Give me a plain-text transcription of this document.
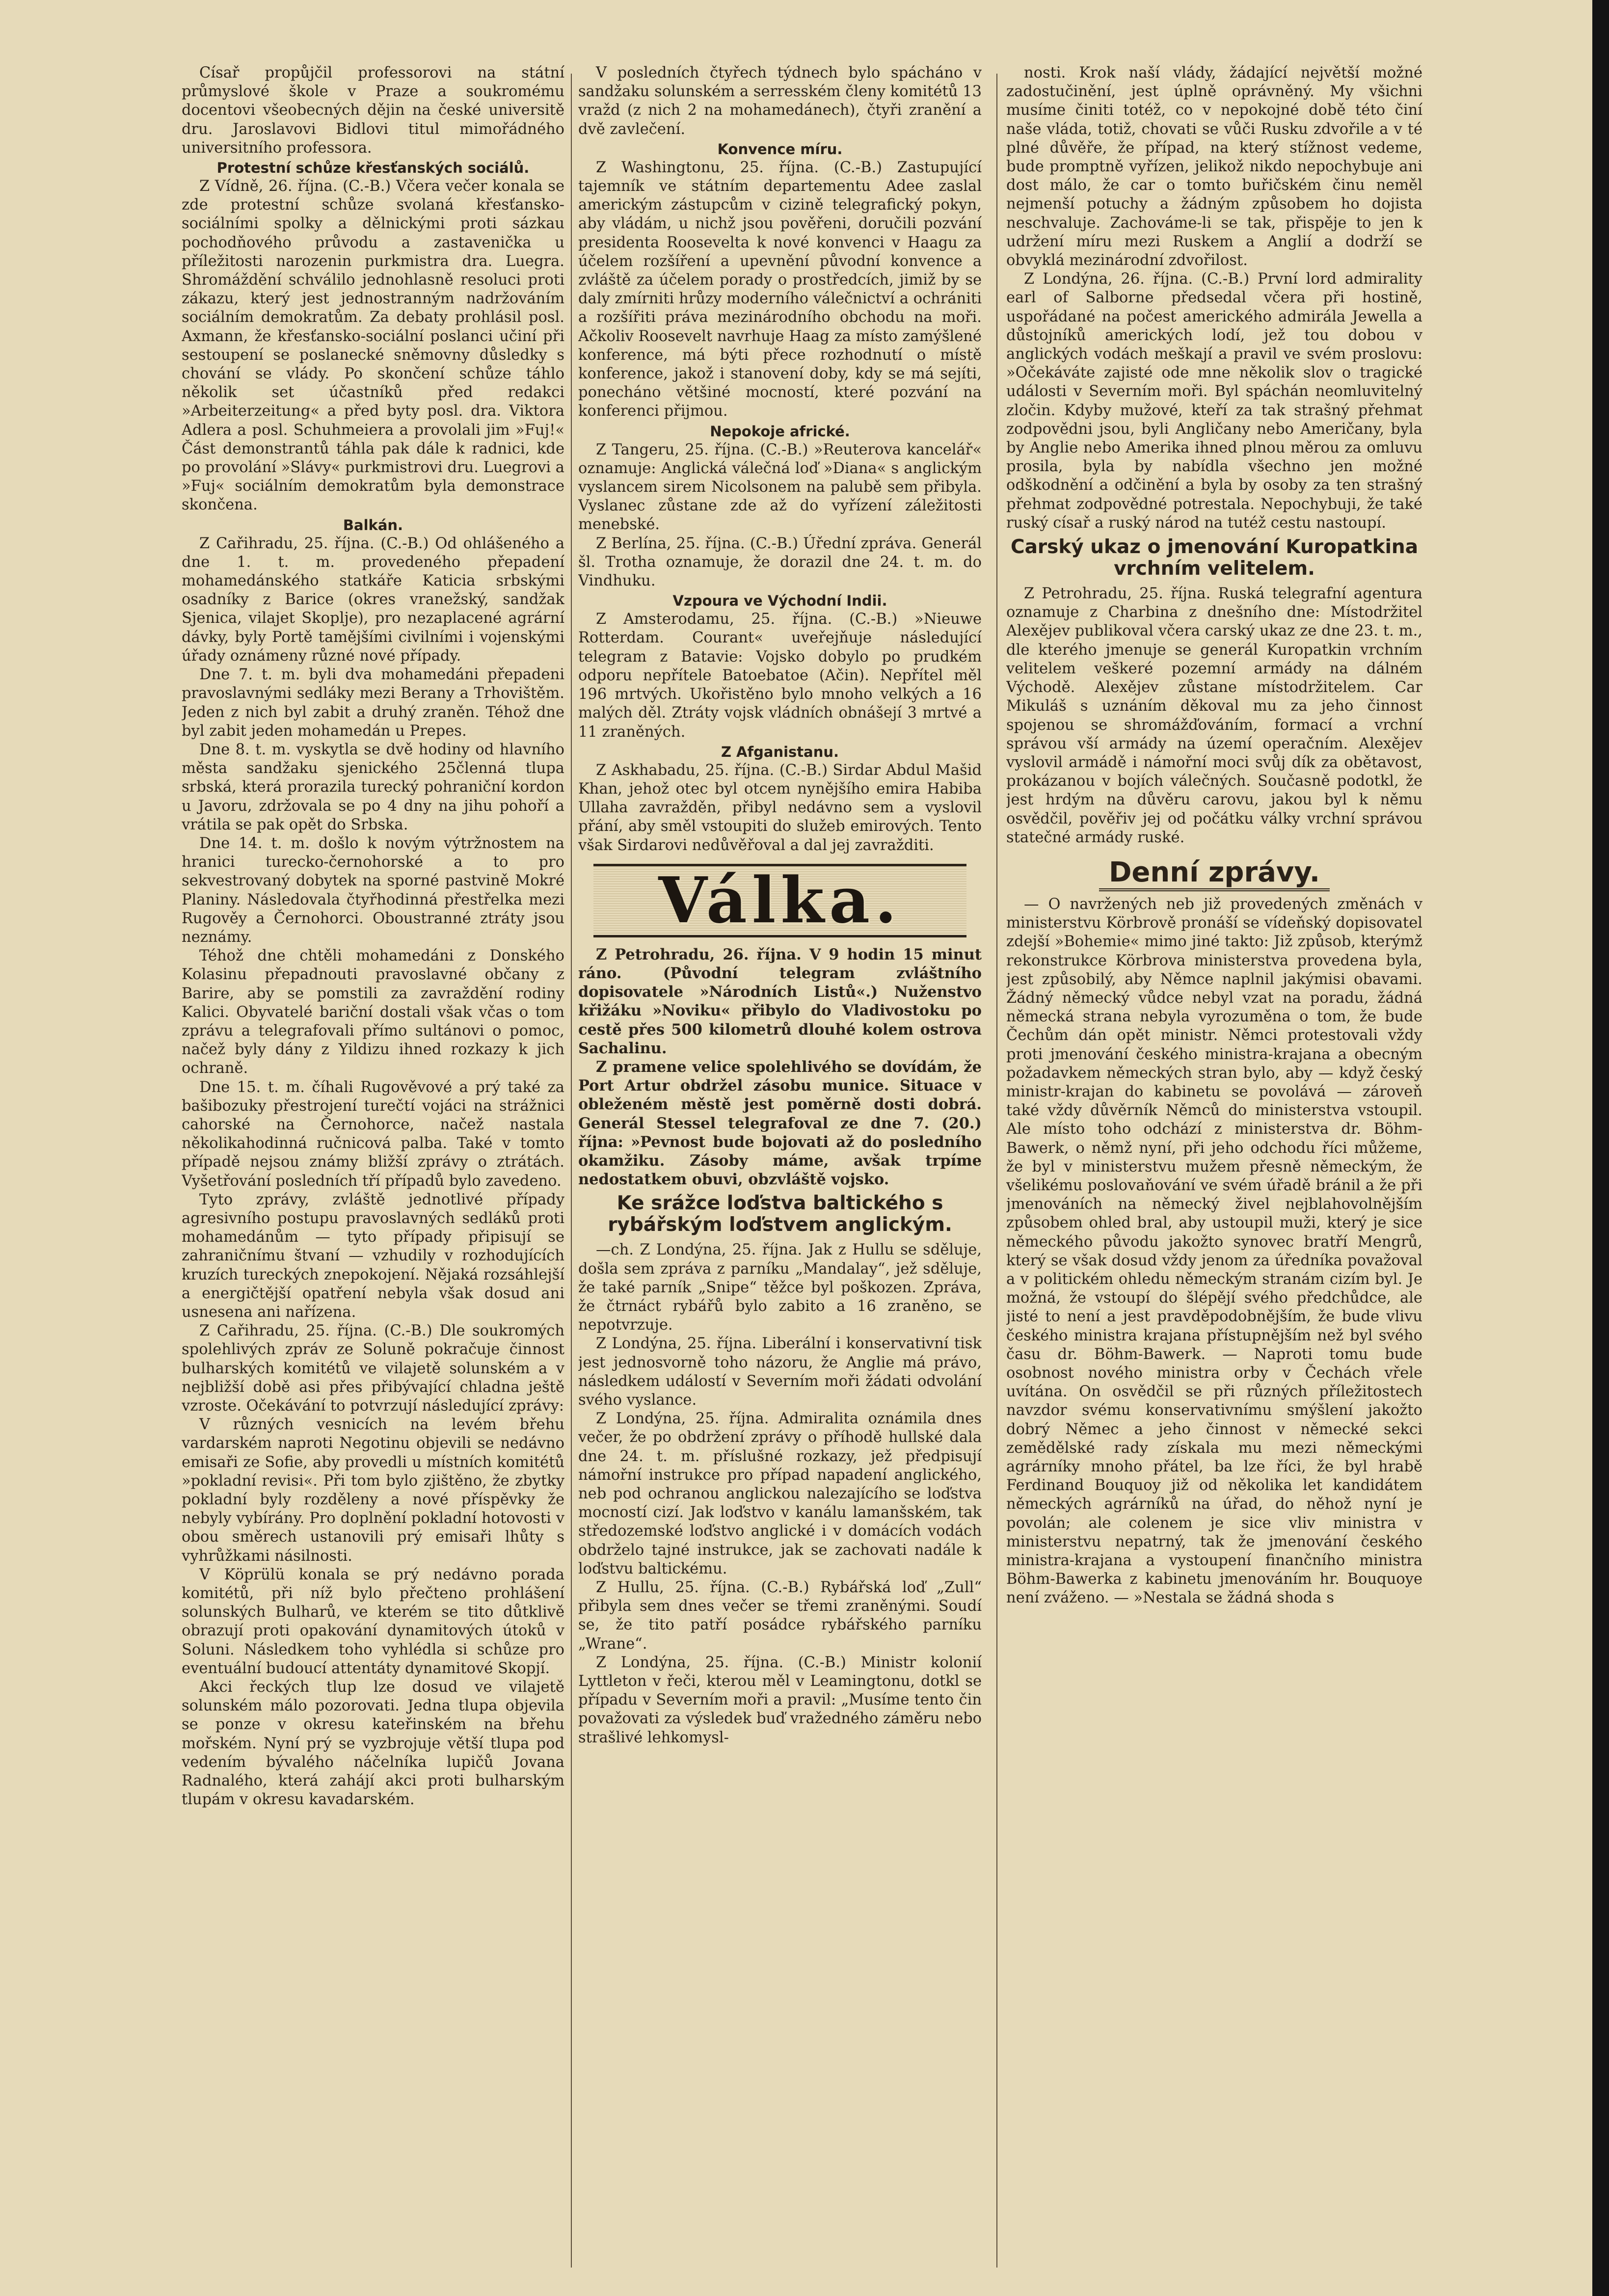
Císař propůjčil professorovi na státní průmyslové škole v Praze a soukromému docentovi všeobecných dějin na české universitě dru. Jaroslavovi Bidlovi titul mimořádného universitního professora.

Protestní schůze křesťanských sociálů.

Z Vídně, 26. října. (C.-B.) Včera večer konala se zde protestní schůze svolaná křesťansko-sociálními spolky a dělnickými proti sázkau pochodňového průvodu a zastavenička u příležitosti narozenin purkmistra dra. Luegra. Shromáždění schválilo jednohlasně resoluci proti zákazu, který jest jednostranným nadržováním sociálním demokratům. Za debaty prohlásil posl. Axmann, že křesťansko-sociální poslanci učiní při sestoupení se poslanecké sněmovny důsledky s chování se vlády. Po skončení schůze táhlo několik set účastníků před redakci »Arbeiterzeitung« a před byty posl. dra. Viktora Adlera a posl. Schuhmeiera a provolali jim »Fuj!« Část demonstrantů táhla pak dále k radnici, kde po provolání »Slávy« purkmistrovi dru. Luegrovi a »Fuj« sociálním demokratům byla demonstrace skončena.

Balkán.

Z Cařihradu, 25. října. (C.-B.) Od ohlášeného a dne 1. t. m. provedeného přepadení mohamedánského statkáře Katicia srbskými osadníky z Barice (okres vranežský, sandžak Sjenica, vilajet Skoplje), pro nezaplacené agrární dávky, byly Portě tamějšími civilními i vojenskými úřady oznámeny různé nové případy.

Dne 7. t. m. byli dva mohamedáni přepadeni pravoslavnými sedláky mezi Berany a Trhovištěm. Jeden z nich byl zabit a druhý zraněn. Téhož dne byl zabit jeden mohamedán u Prepes.

Dne 8. t. m. vyskytla se dvě hodiny od hlavního města sandžaku sjenického 25členná tlupa srbská, která prorazila turecký pohraniční kordon u Javoru, zdržovala se po 4 dny na jihu pohoří a vrátila se pak opět do Srbska.

Dne 14. t. m. došlo k novým výtržnostem na hranici turecko-černohorské a to pro sekvestrovaný dobytek na sporné pastvině Mokré Planiny. Následovala čtyřhodinná přestřelka mezi Rugověy a Černohorci. Oboustranné ztráty jsou neznámy.

Téhož dne chtěli mohamedáni z Donského Kolasinu přepadnouti pravoslavné občany z Barire, aby se pomstili za zavraždění rodiny Kalici. Obyvatelé bariční dostali však včas o tom zprávu a telegrafovali přímo sultánovi o pomoc, načež byly dány z Yildizu ihned rozkazy k jich ochraně.

Dne 15. t. m. číhali Rugověvové a prý také za bašibozuky přestrojení turečtí vojáci na strážnici cahorské na Černohorce, načež nastala několikahodinná ručnicová palba. Také v tomto případě nejsou známy bližší zprávy o ztrátách. Vyšetřování posledních tří případů bylo zavedeno.

Tyto zprávy, zvláště jednotlivé případy agresivního postupu pravoslavných sedláků proti mohamedánům — tyto případy připisují se zahraničnímu štvaní — vzhudily v rozhodujících kruzích tureckých znepokojení. Nějaká rozsáhlejší a energičtější opatření nebyla však dosud ani usnesena ani nařízena.

Z Cařihradu, 25. října. (C.-B.) Dle soukromých spolehlivých zpráv ze Soluně pokračuje činnost bulharských komitétů ve vilajetě solunském a v nejbližší době asi přes přibývající chladna ještě vzroste. Očekávání to potvrzují následující zprávy:

V různých vesnicích na levém břehu vardarském naproti Negotinu objevili se nedávno emisaři ze Sofie, aby provedli u místních komitétů »pokladní revisi«. Při tom bylo zjištěno, že zbytky pokladní byly rozděleny a nové příspěvky že nebyly vybírány. Pro doplnění pokladní hotovosti v obou směrech ustanovili prý emisaři lhůty s vyhrůžkami násilnosti.

V Köprülü konala se prý nedávno porada komitétů, při níž bylo přečteno prohlášení solunských Bulharů, ve kterém se tito důtklivě obrazují proti opakování dynamitových útoků v Soluni. Následkem toho vyhlédla si schůze pro eventuální budoucí attentáty dynamitové Skopjí.

Akci řeckých tlup lze dosud ve vilajetě solunském málo pozorovati. Jedna tlupa objevila se ponze v okresu kateřinském na břehu mořském. Nyní prý se vyzbrojuje větší tlupa pod vedením bývalého náčelníka lupičů Jovana Radnalého, která zahájí akci proti bulharským tlupám v okresu kavadarském.

V posledních čtyřech týdnech bylo spácháno v sandžaku solunském a serresském členy komitétů 13 vražd (z nich 2 na mohamedánech), čtyři zranění a dvě zavlečení.

Konvence míru.

Z Washingtonu, 25. října. (C.-B.) Zastupující tajemník ve státním departementu Adee zaslal americkým zástupcům v cizině telegrafický pokyn, aby vládám, u nichž jsou pověřeni, doručili pozvání presidenta Roosevelta k nové konvenci v Haagu za účelem rozšíření a upevnění původní konvence a zvláště za účelem porady o prostředcích, jimiž by se daly zmírniti hrůzy moderního válečnictví a ochrániti a rozšířiti práva mezinárodního obchodu na moři. Ačkoliv Roosevelt navrhuje Haag za místo zamýšlené konference, má býti přece rozhodnutí o místě konference, jakož i stanovení doby, kdy se má sejíti, ponecháno většiné mocností, které pozvání na konferenci přijmou.

Nepokoje africké.

Z Tangeru, 25. října. (C.-B.) »Reuterova kancelář« oznamuje: Anglická válečná loď »Diana« s anglickým vyslancem sirem Nicolsonem na palubě sem přibyla. Vyslanec zůstane zde až do vyřízení záležitosti menebské.

Z Berlína, 25. října. (C.-B.) Úřední zpráva. Generál šl. Trotha oznamuje, že dorazil dne 24. t. m. do Vindhuku.

Vzpoura ve Východní Indii.

Z Amsterodamu, 25. října. (C.-B.) »Nieuwe Rotterdam. Courant« uveřejňuje následující telegram z Batavie: Vojsko dobylo po prudkém odporu nepřítele Batoebatoe (Ačin). Nepřítel měl 196 mrtvých. Ukořistěno bylo mnoho velkých a 16 malých děl. Ztráty vojsk vládních obnášejí 3 mrtvé a 11 zraněných.

Z Afganistanu.

Z Askhabadu, 25. října. (C.-B.) Sirdar Abdul Mašid Khan, jehož otec byl otcem nynějšího emira Habiba Ullaha zavražděn, přibyl nedávno sem a vyslovil přání, aby směl vstoupiti do služeb emirových. Tento však Sirdarovi nedůvěřoval a dal jej zavražditi.

Válka.

Z Petrohradu, 26. října. V 9 hodin 15 minut ráno. (Původní telegram zvláštního dopisovatele »Národních Listů«.) Nuženstvo křižáku »Noviku« přibylo do Vladivostoku po cestě přes 500 kilometrů dlouhé kolem ostrova Sachalinu.

Z pramene velice spolehlivého se dovídám, že Port Artur obdržel zásobu munice. Situace v obleženém městě jest poměrně dosti dobrá. Generál Stessel telegrafoval ze dne 7. (20.) října: »Pevnost bude bojovati až do posledního okamžiku. Zásoby máme, avšak trpíme nedostatkem obuvi, obzvláště vojsko.

Ke srážce loďstva baltického s rybářským loďstvem anglickým.

—ch. Z Londýna, 25. října. Jak z Hullu se sděluje, došla sem zpráva z parníku „Mandalay“, jež sděluje, že také parník „Snipe“ těžce byl poškozen. Zpráva, že čtrnáct rybářů bylo zabito a 16 zraněno, se nepotvrzuje.

Z Londýna, 25. října. Liberální i konservativní tisk jest jednosvorně toho názoru, že Anglie má právo, následkem událostí v Severním moři žádati odvolání svého vyslance.

Z Londýna, 25. října. Admiralita oznámila dnes večer, že po obdržení zprávy o příhodě hullské dala dne 24. t. m. příslušné rozkazy, jež předpisují námořní instrukce pro případ napadení anglického, neb pod ochranou anglickou nalezajícího se loďstva mocností cizí. Jak loďstvo v kanálu lamanšském, tak středozemské loďstvo anglické i v domácích vodách obdrželo tajné instrukce, jak se zachovati nadále k loďstvu baltickému.

Z Hullu, 25. října. (C.-B.) Rybářská loď „Zull“ přibyla sem dnes večer se třemi zraněnými. Soudí se, že tito patří posádce rybářského parníku „Wrane“.

Z Londýna, 25. října. (C.-B.) Ministr kolonií Lyttleton v řeči, kterou měl v Leamingtonu, dotkl se případu v Severním moři a pravil: „Musíme tento čin považovati za výsledek buď vražedného záměru nebo strašlivé lehkomysl-

nosti. Krok naší vlády, žádající největší možné zadostučinění, jest úplně oprávněný. My všichni musíme činiti totéž, co v nepokojné době této činí naše vláda, totiž, chovati se vůči Rusku zdvořile a v té plné důvěře, že případ, na který stížnost vedeme, bude promptně vyřízen, jelikož nikdo nepochybuje ani dost málo, že car o tomto buřičském činu neměl nejmenší potuchy a žádným způsobem ho dojista neschvaluje. Zachováme-li se tak, přispěje to jen k udržení míru mezi Ruskem a Anglií a dodrží se obvyklá mezinárodní zdvořilost.

Z Londýna, 26. října. (C.-B.) První lord admirality earl of Salborne předsedal včera při hostině, uspořádané na počest amerického admirála Jewella a důstojníků amerických lodí, jež tou dobou v anglických vodách meškají a pravil ve svém proslovu: »Očekáváte zajisté ode mne několik slov o tragické události v Severním moři. Byl spáchán neomluvitelný zločin. Kdyby mužové, kteří za tak strašný přehmat zodpovědni jsou, byli Angličany nebo Američany, byla by Anglie nebo Amerika ihned plnou měrou za omluvu prosila, byla by nabídla všechno jen možné odškodnění a odčinění a byla by osoby za ten strašný přehmat zodpovědné potrestala. Nepochybuji, že také ruský císař a ruský národ na tutéž cestu nastoupí.

Carský ukaz o jmenování Kuropatkina vrchním velitelem.

Z Petrohradu, 25. října. Ruská telegrafní agentura oznamuje z Charbina z dnešního dne: Místodržitel Alexějev publikoval včera carský ukaz ze dne 23. t. m., dle kterého jmenuje se generál Kuropatkin vrchním velitelem veškeré pozemní armády na dálném Východě. Alexějev zůstane místodržitelem. Car Mikuláš s uznáním děkoval mu za jeho činnost spojenou se shromážďováním, formací a vrchní správou vší armády na území operačním. Alexějev vyslovil armádě i námořní moci svůj dík za obětavost, prokázanou v bojích válečných. Současně podotkl, že jest hrdým na důvěru carovu, jakou byl k němu osvědčil, pověřiv jej od počátku války vrchní správou statečné armády ruské.

Denní zprávy.

— O navržených neb již provedených změnách v ministerstvu Körbrově pronáší se vídeňský dopisovatel zdejší »Bohemie« mimo jiné takto: Již způsob, kterýmž rekonstrukce Körbrova ministerstva provedena byla, jest způsobilý, aby Němce naplnil jakýmisi obavami. Žádný německý vůdce nebyl vzat na poradu, žádná německá strana nebyla vyrozuměna o tom, že bude Čechům dán opět ministr. Němci protestovali vždy proti jmenování českého ministra-krajana a obecným požadavkem německých stran bylo, aby — když český ministr-krajan do kabinetu se povolává — zároveň také vždy důvěrník Němců do ministerstva vstoupil. Ale místo toho odchází z ministerstva dr. Böhm-Bawerk, o němž nyní, při jeho odchodu říci můžeme, že byl v ministerstvu mužem přesně německým, že všelikému poslovaňování ve svém úřadě bránil a že při jmenováních na německý živel nejblahovolnějším způsobem ohled bral, aby ustoupil muži, který je sice německého původu jakožto synovec bratří Mengrů, který se však dosud vždy jenom za úředníka považoval a v politickém ohledu německým stranám cizím byl. Je možná, že vstoupí do šlépějí svého předchůdce, ale jisté to není a jest pravděpodobnějším, že bude vlivu českého ministra krajana přístupnějším než byl svého času dr. Böhm-Bawerk. — Naproti tomu bude osobnost nového ministra orby v Čechách vřele uvítána. On osvědčil se při různých příležitostech navzdor svému konservativnímu smýšlení jakožto dobrý Němec a jeho činnost v německé sekci zemědělské rady získala mu mezi německými agrárníky mnoho přátel, ba lze říci, že byl hrabě Ferdinand Bouquoy již od několika let kandidátem německých agrárníků na úřad, do něhož nyní je povolán; ale colenem je sice vliv ministra v ministerstvu nepatrný, tak že jmenování českého ministra-krajana a vystoupení finančního ministra Böhm-Bawerka z kabinetu jmenováním hr. Bouquoye není zváženo. — »Nestala se žádná shoda s
